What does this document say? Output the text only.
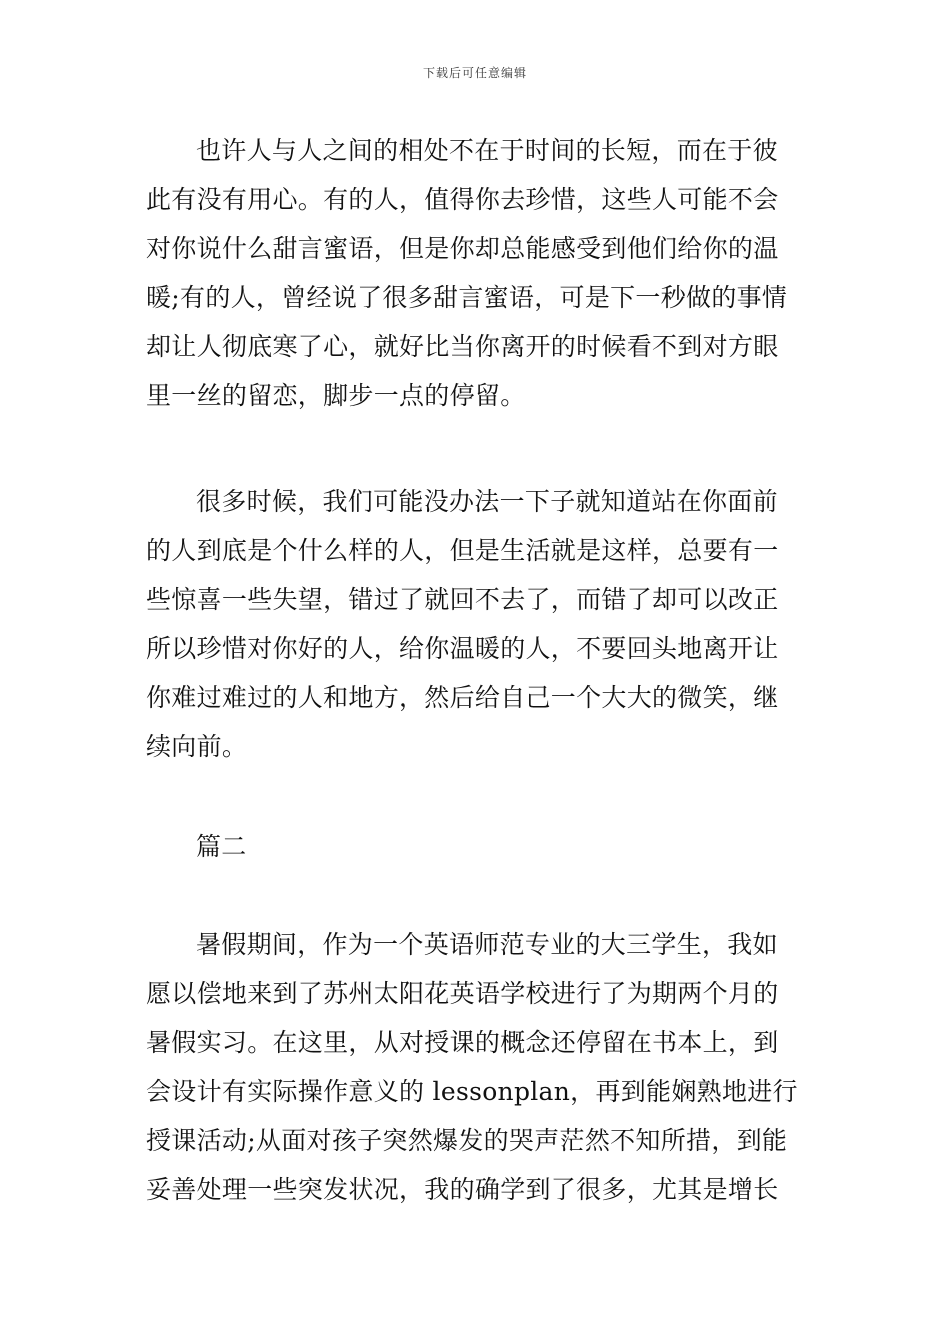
下载后可任意编辑
也许人与人之间的相处不在于时间的长短，而在于彼
此有没有用心。有的人，值得你去珍惜，这些人可能不会
对你说什么甜言蜜语，但是你却总能感受到他们给你的温
暖;有的人，曾经说了很多甜言蜜语，可是下一秒做的事情
却让人彻底寒了心，就好比当你离开的时候看不到对方眼
里一丝的留恋，脚步一点的停留。
很多时候，我们可能没办法一下子就知道站在你面前
的人到底是个什么样的人，但是生活就是这样，总要有一
些惊喜一些失望，错过了就回不去了，而错了却可以改正
所以珍惜对你好的人，给你温暖的人，不要回头地离开让
你难过难过的人和地方，然后给自己一个大大的微笑，继
续向前。
篇二
暑假期间，作为一个英语师范专业的大三学生，我如
愿以偿地来到了苏州太阳花英语学校进行了为期两个月的
暑假实习。在这里，从对授课的概念还停留在书本上，到
会设计有实际操作意义的 lessonplan，再到能娴熟地进行
授课活动;从面对孩子突然爆发的哭声茫然不知所措，到能
妥善处理一些突发状况，我的确学到了很多，尤其是增长
